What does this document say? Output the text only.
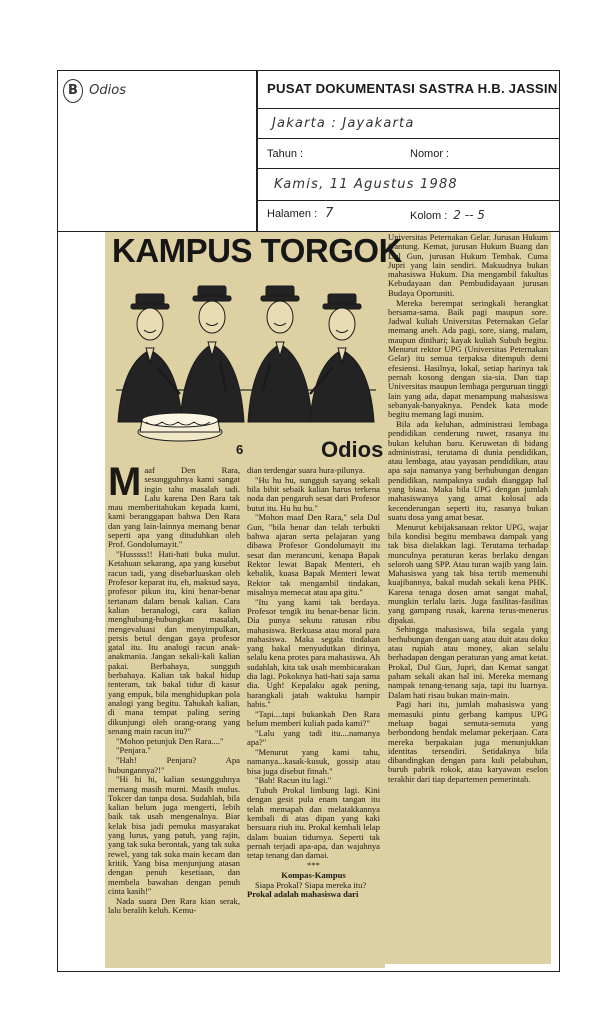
B Odios	PUSAT DOKUMENTASI SASTRA H.B. JASSIN
Jakarta : Jayakarta
Tahun :	Nomor :
Kamis, 11 Agustus 1988
Halamen : 7	Kolom : 2 -- 5
KAMPUS TORGOK
6	Odios

Maaf Den Rara, sesungguhnya kami sangat ingin tahu masalah tadi. Lalu karena Den Rara tak mau memberitahukan kepada kami, kami beranggapan bahwa Den Rara dan yang lain-lainnya memang benar seperti apa yang dituduhkan oleh Prof. Gondolumayit."

"Husssss!! Hati-hati buka mulut. Ketahuan sekarang, apa yang kusebut racun tadi, yang disebarluaskan oleh Profesor keparat itu, eh, maksud saya, profesor pikun itu, kini benar-benar tertanam dalam benak kalian. Cara kalian beranalogi, cara kalian menghubung-hubungkan masalah, mengevaluasi dan menyimpulkan, persis betul dengan gaya profesor gatal itu. Itu analogi racun anak-anakmania. Jangan sekali-kali kalian pakai. Berbahaya, sungguh berbahaya. Kalian tak bakal hidup tenteram, tak bakal tidur di kasur yang empuk, bila menghidupkan pola analogi yang begitu. Tahukah kalian, di mana tempat paling sering dikunjungi oleh orang-orang yang senang main racun itu?"

"Mohon petunjuk Den Rara...."

"Penjara."

"Hah! Penjara? Apa hubungannya?!"

"Hi hi hi, kalian sesungguhnya memang masih murni. Masih mulus. Tokcer dan tanpa dosa. Sudahlah, bila kalian belum juga mengerti, lebih baik tak usah mengenalnya. Biar kelak bisa jadi pemuka masyarakat yang lurus, yang patuh, yang rajin, yang tak suka berontak, yang tak suka rewel, yang tak suka main kecam dan kritik. Yang bisa menjunjung atasan dengan penuh kesetiaan, dan membela bawahan dengan penuh cinta kasih!"

Nada suara Den Rara kian serak, lalu beralih keluh. Kemu-

dian terdengar suara hura-pilunya.

"Hu hu hu, sungguh sayang sekali bila bibit sebaik kalian harus terkena noda dan pengaruh sesat dari Profesor butut itu. Hu hu hu."

"Mohon maaf Den Rara," sela Dul Gun, "bila benar dan telah terbukti bahwa ajaran serta pelajaran yang dibawa Profesor Gondolumayit itu sesat dan merancuni, kenapa Bapak Rektor lewat Bapak Menteri, eh kebalik, kuasa Bapak Menteri lewat Rektor tak mengambil tindakan, misalnya memecat atau apa gitu."

"Itu yang kami tak berdaya. Profesor tengik itu benar-benar licin. Dia punya sekutu ratusan ribu mahasiswa. Berkuasa atau moral para mahasiswa. Maka segala tindakan yang bakal menyudutkan dirinya, selalu kena protes para mahasiswa. Ah sudahlah, kita tak usah membicarakan dia lagi. Pokoknya hati-hati saja sama dia. Ugh! Kepalaku agak pening, barangkali jatah waktuku hampir habis."

"Tapi....tapi bukankah Den Rara belum memberi kuliah pada kami?"

"Lalu yang tadi itu....namanya apa?"

"Menurut yang kami tahu, namanya...kasak-kusuk, gossip atau bisa juga disebut fitnah."

"Bah! Racun itu lagi."

Tubuh Prokal limbung lagi. Kini dengan gesit pula enam tangan itu telah memapah dan melatakkannya kembali di atas dipan yang kaki bersuara riuh itu. Prokal kembali lelap dalam buaian tidurnya. Seperti tak pernah terjadi apa-apa, dan wajahnya tetap tenang dan damai.

***

Kompas-Kampus

Siapa Prokal? Siapa mereka itu?

Prokal adalah mahasiswa dari

Universitas Peternakan Gelar. Jurusan Hukum Gantung. Kemat, jurusan Hukum Buang dan Dul Gun, jurusan Hukum Tembak. Cuma Jupri yang lain sendiri. Maksudnya bukan mahasiswa Hukum. Dia mengambil fakultas Kebudayaan dan Pembudidayaan jurusan Budaya Oportuniti.

Mereka berempat seringkali berangkat bersama-sama. Baik pagi maupun sore. Jadwal kuliah Universitas Peternakan Gelar memang aneh. Ada pagi, sore, siang, malam, maupun dinihari; kayak kuliah Subuh begitu. Menurut rektor UPG (Universitas Peternakan Gelar) itu semua terpaksa ditempuh demi efesiensi. Hasilnya, lokal, setiap harinya tak pernah kosong dengan sia-sia. Dan tiap Universitas maupun lembaga perguruan tinggi lain yang ada, dapat menampung mahasiswa sebanyak-banyaknya. Pendek kata mode begitu memang lagi musim.

Bila ada keluhan, administrasi lembaga pendidikan cenderung ruwet, rasanya itu bukan keluhan baru. Keruwetan di bidang administrasi, terutama di dunia pendidikan, atau lembaga, atau yayasan pendidikan, atau apa saja namanya yang berhubungan dengan pendidikan, nampaknya sudah dianggap hal yang biasa. Maka bila UPG dengan jumlah mahasiswanya yang amat kolosal ada kecenderungan seperti itu, rasanya bukan suatu dosa yang amat besar.

Menurut kebijaksanaan rektor UPG, wajar bila kondisi begitu membawa dampak yang tak bisa dielakkan lagi. Terutama terhadap munculnya peraturan keras berlaku dengan seloroh uang SPP. Atau turan wajib yang lain. Mahasiswa yang tak bisa tertib memenuhi kuajibannya, bakal mudah sekali kena PHK. Karena tenaga dosen amat sangat mahal, mungkin terlalu laris. Juga fasilitas-fasilitas yang gampang rusak, karena terus-menerus dipakai.

Sehingga mahasiswa, bila segala yang berhubungan dengan uang atau duit atau doku atau rupiah atau money, akan selalu berhadapan dengan peraturan yang amat ketat. Prokal, Dul Gun, Jupri, dan Kemat sangat paham sekali akan hal ini. Mereka memang nampak tenang-tenang saja, tapi itu luarnya. Dalam hati risau bukan main-main.

Pagi hari itu, jumlah mahasiswa yang memasuki pintu gerbang kampus UPG meluap bagai semuta-semuta yang berbondong hendak melamar pekerjaan. Cara mereka berpakaian juga menunjukkan identitas tersendiri. Setidaknya bila dibandingkan dengan para kuli pelabuhan, buruh pabrik rokok, atau karyawan eselon terakhir dari tiap departemen pemerintah.
